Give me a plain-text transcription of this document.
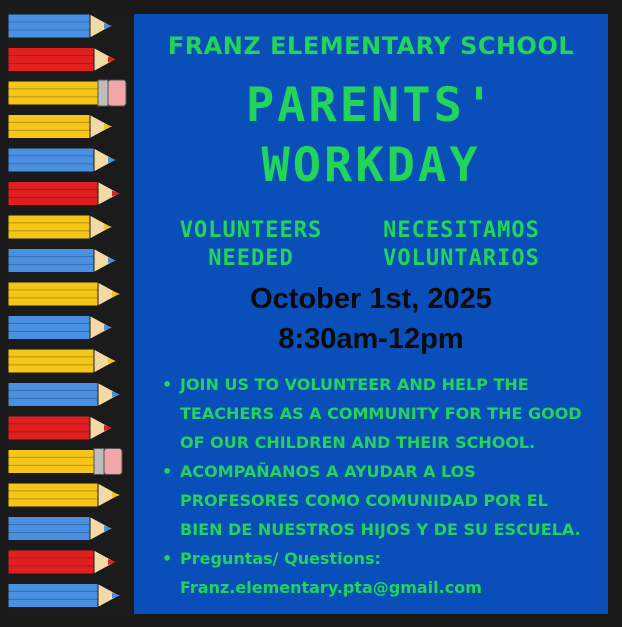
FRANZ ELEMENTARY SCHOOL
PARENTS'
WORKDAY
VOLUNTEERS NEEDED
NECESITAMOS VOLUNTARIOS
October 1st, 2025
8:30am-12pm
• JOIN US TO VOLUNTEER AND HELP THE TEACHERS AS A COMMUNITY FOR THE GOOD OF OUR CHILDREN AND THEIR SCHOOL.
• ACOMPAÑANOS A AYUDAR A LOS PROFESORES COMO COMUNIDAD POR EL BIEN DE NUESTROS HIJOS Y DE SU ESCUELA.
• Preguntas/ Questions: Franz.elementary.pta@gmail.com
